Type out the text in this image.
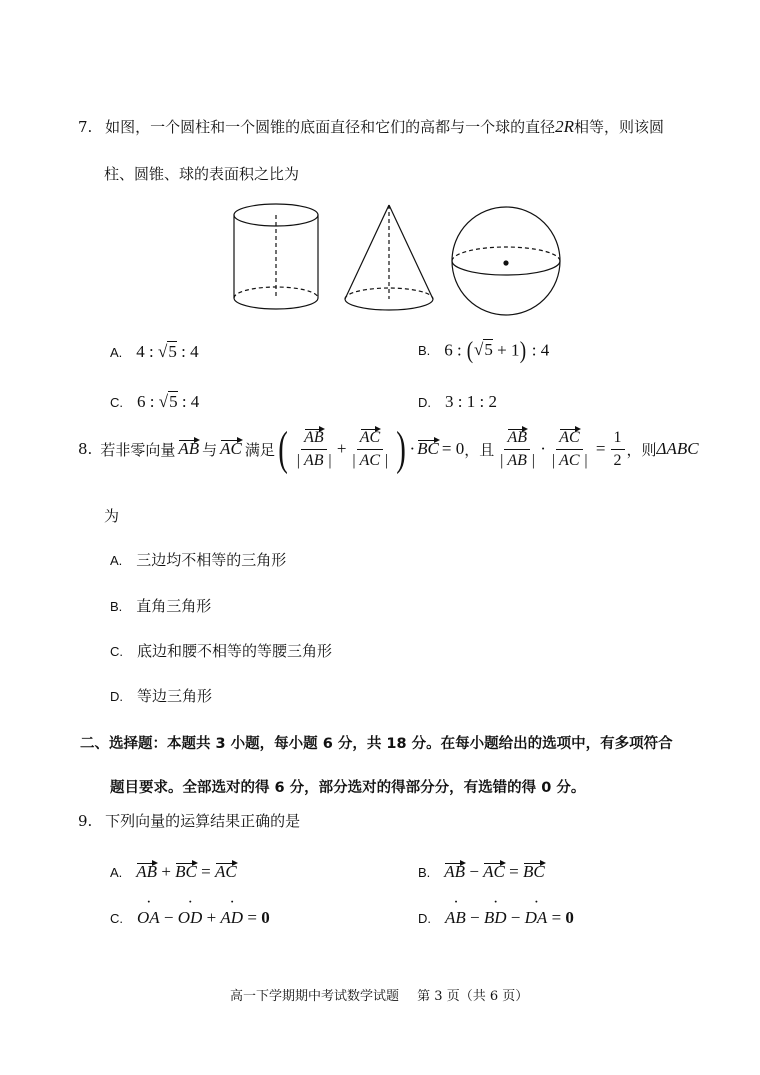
7. 如图，一个圆柱和一个圆锥的底面直径和它们的高都与一个球的直径2R相等，则该圆
柱、圆锥、球的表面积之比为
A. 4 : √5 : 4	B. 6 : (√5 + 1) : 4
C. 6 : √5 : 4	D. 3 : 1 : 2
8. 若非零向量 AB 与 AC 满足 ( $\frac{AB}{| AB |} + \frac{AC}{| AC |}$ ) · BC = 0 ，且 $\frac{AB}{| AB |} \cdot \frac{AC}{| AC |} = \frac{1}{2}$ ，则 ΔABC
为
A. 三边均不相等的三角形
B. 直角三角形
C. 底边和腰不相等的等腰三角形
D. 等边三角形
二、选择题：本题共 3 小题，每小题 6 分，共 18 分。在每小题给出的选项中，有多项符合
题目要求。全部选对的得 6 分，部分选对的得部分分，有选错的得 0 分。
9. 下列向量的运算结果正确的是
A. AB + BC = AC	B. AB − AC = BC
C. OA · − OD · + AD · = 0	D. AB · − BD · − DA · = 0
高一下学期期中考试数学试题 第 3 页（共 6 页）
